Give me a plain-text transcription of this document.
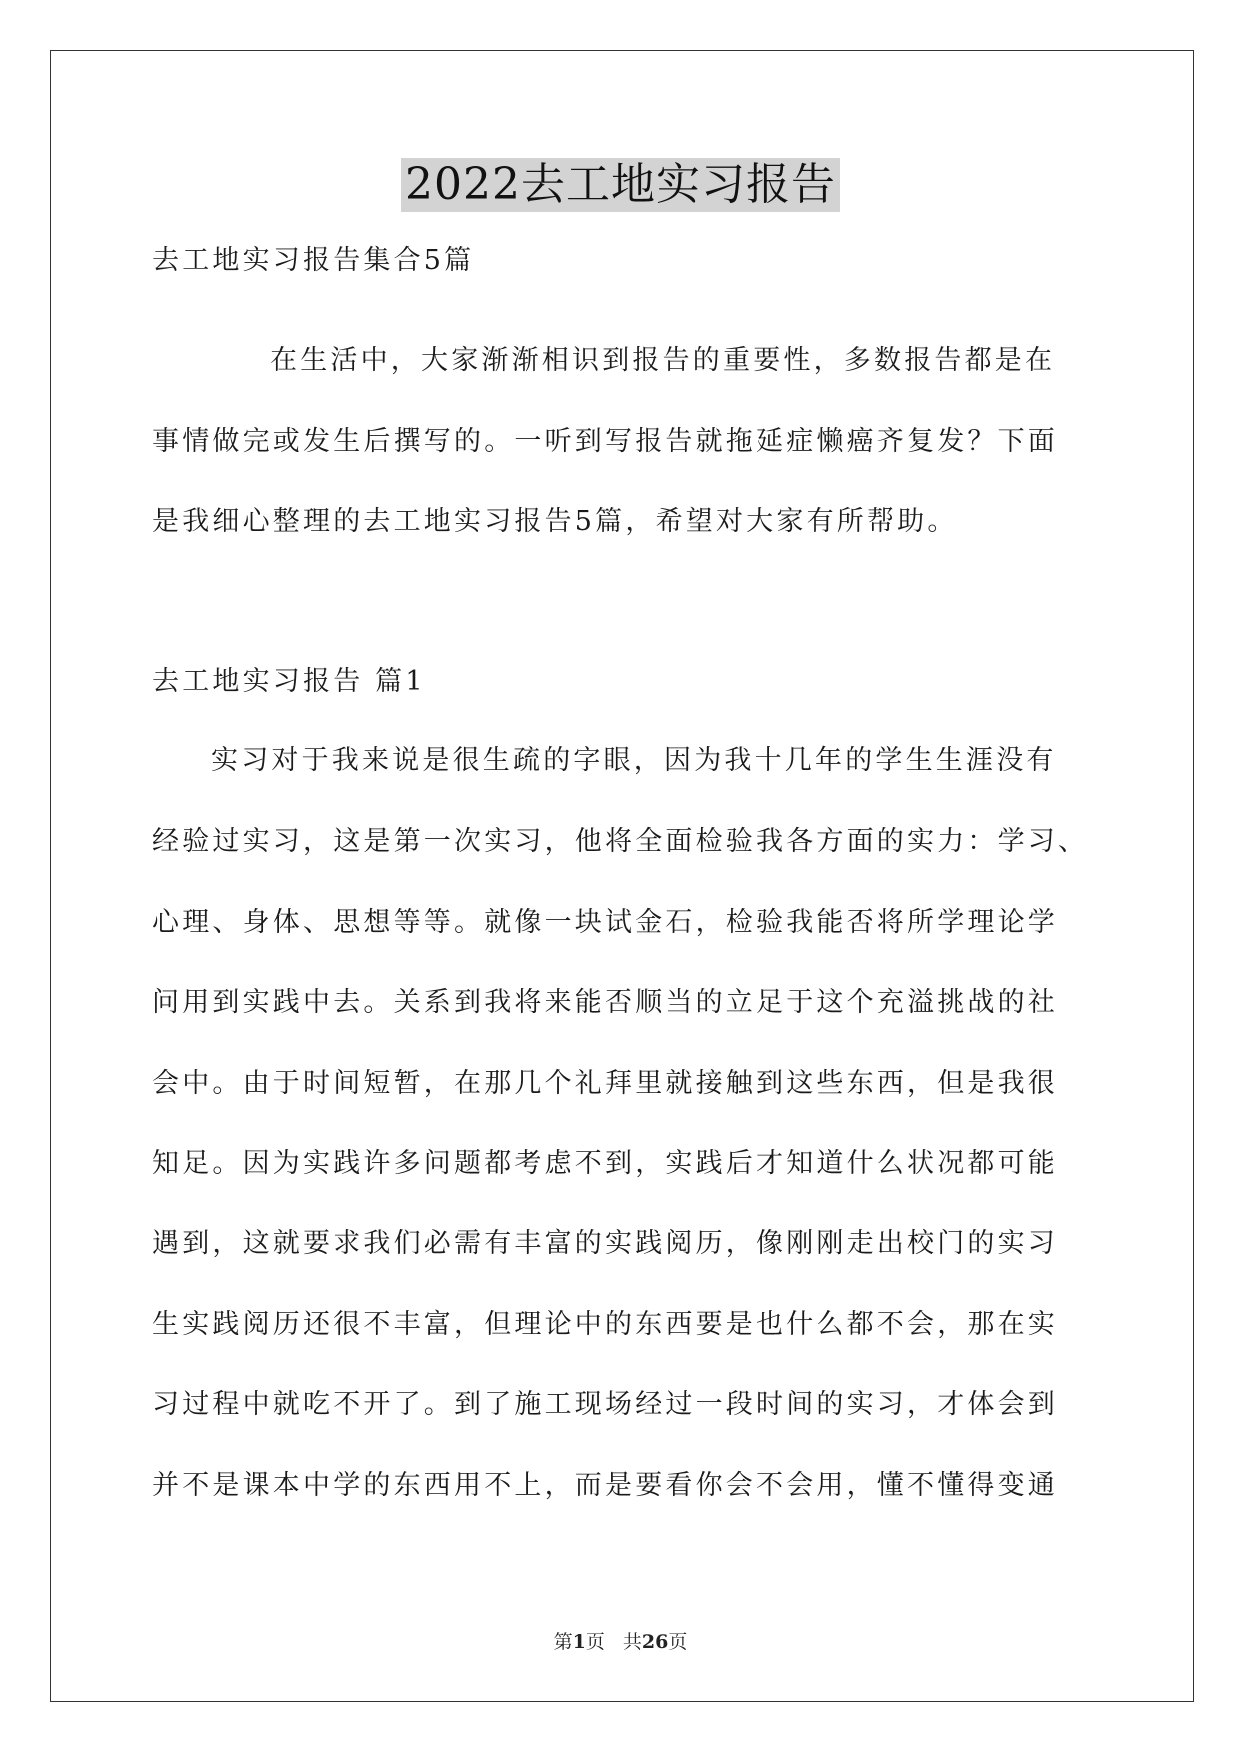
2022去工地实习报告
去工地实习报告集合5篇
在生活中，大家渐渐相识到报告的重要性，多数报告都是在
事情做完或发生后撰写的。一听到写报告就拖延症懒癌齐复发？下面
是我细心整理的去工地实习报告5篇，希望对大家有所帮助。
去工地实习报告 篇1
实习对于我来说是很生疏的字眼，因为我十几年的学生生涯没有
经验过实习，这是第一次实习，他将全面检验我各方面的实力：学习、
心理、身体、思想等等。就像一块试金石，检验我能否将所学理论学
问用到实践中去。关系到我将来能否顺当的立足于这个充溢挑战的社
会中。由于时间短暂，在那几个礼拜里就接触到这些东西，但是我很
知足。因为实践许多问题都考虑不到，实践后才知道什么状况都可能
遇到，这就要求我们必需有丰富的实践阅历，像刚刚走出校门的实习
生实践阅历还很不丰富，但理论中的东西要是也什么都不会，那在实
习过程中就吃不开了。到了施工现场经过一段时间的实习，才体会到
并不是课本中学的东西用不上，而是要看你会不会用，懂不懂得变通
第1页 共26页
